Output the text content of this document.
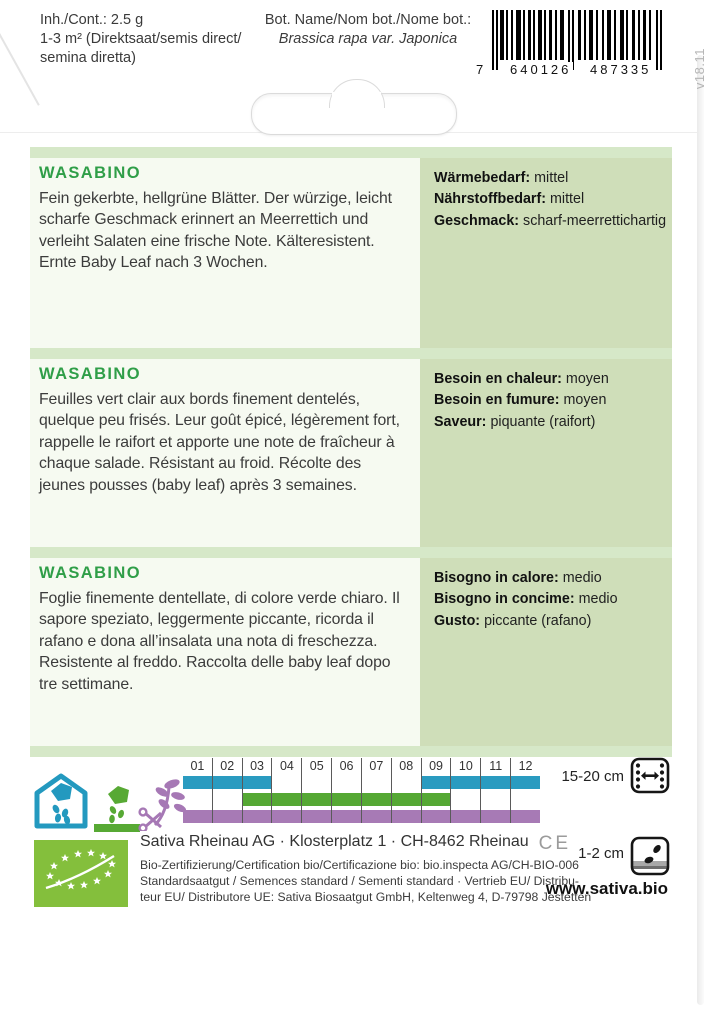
Inh./Cont.: 2.5 g
1-3 m² (Direktsaat/semis direct/
semina diretta)
Bot. Name/Nom bot./Nome bot.:
Brassica rapa var. Japonica
7 640126 487335	v18.11
WASABINO

Fein gekerbte, hellgrüne Blätter. Der würzige, leicht scharfe Geschmack erinnert an Meerrettich und verleiht Salaten eine frische Note. Kälteresistent. Ernte Baby Leaf nach 3 Wochen.

Wärmebedarf: mittel
Nährstoffbedarf: mittel
Geschmack: scharf-meerrettichartig
WASABINO

Feuilles vert clair aux bords finement dentelés, quelque peu frisés. Leur goût épicé, légèrement fort, rappelle le raifort et apporte une note de fraîcheur à chaque salade. Résistant au froid. Récolte des jeunes pousses (baby leaf) après 3 semaines.

Besoin en chaleur: moyen
Besoin en fumure: moyen
Saveur: piquante (raifort)
WASABINO

Foglie finemente dentellate, di colore verde chiaro. Il sapore speziato, leggermente piccante, ricorda il rafano e dona all’insalata una nota di freschezza. Resistente al freddo. Raccolta delle baby leaf dopo tre settimane.

Bisogno in calore: medio
Bisogno in concime: medio
Gusto: piccante (rafano)
01	02	03	04	05	06	07	08	09	10	11	12
15-20 cm
1-2 cm
www.sativa.bio
Sativa Rheinau AG · Klosterplatz 1 · CH-8462 Rheinau CE
Bio-Zertifizierung/Certification bio/Certificazione bio: bio.inspecta AG/CH-BIO-006
Standardsaatgut / Semences standard / Sementi standard · Vertrieb EU/ Distribu-
teur EU/ Distributore UE: Sativa Biosaatgut GmbH, Keltenweg 4, D-79798 Jestetten
